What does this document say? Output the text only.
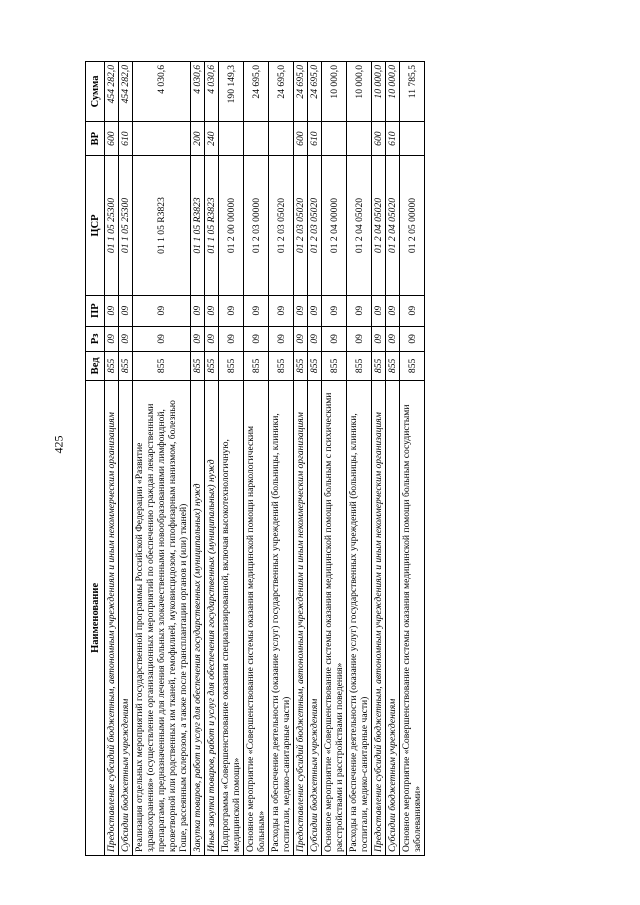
425
Наименование	Вед	Рз	ПР	ЦСР	ВР	Сумма
Предоставление субсидий бюджетным, автономным учреждениям и иным некоммерческим организациям	855	09	09	01 1 05 25300	600	454 282,0
Субсидии бюджетным учреждениям	855	09	09	01 1 05 25300	610	454 282,0
Реализация отдельных мероприятий государственной программы Российской Федерации «Развитие здравоохранения» (осуществление организационных мероприятий по обеспечению граждан лекарственными препаратами, предназначенными для лечения больных злокачественными новообразованиями лимфоидной, кроветворной или родственных им тканей, гемофилией, муковисцидозом, гипофизарным нанизмом, болезнью Гоше, рассеянным склерозом, а также после трансплантации органов и (или) тканей)	855	09	09	01 1 05 R3823		4 030,6
Закупка товаров, работ и услуг для обеспечения государственных (муниципальных) нужд	855	09	09	01 1 05 R3823	200	4 030,6
Иные закупки товаров, работ и услуг для обеспечения государственных (муниципальных) нужд	855	09	09	01 1 05 R3823	240	4 030,6
Подпрограмма «Совершенствование оказания специализированной, включая высокотехнологичную, медицинской помощи»	855	09	09	01 2 00 00000		190 149,3
Основное мероприятие «Совершенствование системы оказания медицинской помощи наркологическим больным»	855	09	09	01 2 03 00000		24 695,0
Расходы на обеспечение деятельности (оказание услуг) государственных учреждений (больницы, клиники, госпитали, медико-санитарные части)	855	09	09	01 2 03 05020		24 695,0
Предоставление субсидий бюджетным, автономным учреждениям и иным некоммерческим организациям	855	09	09	01 2 03 05020	600	24 695,0
Субсидии бюджетным учреждениям	855	09	09	01 2 03 05020	610	24 695,0
Основное мероприятие «Совершенствование системы оказания медицинской помощи больным с психическими расстройствами и расстройствами поведения»	855	09	09	01 2 04 00000		10 000,0
Расходы на обеспечение деятельности (оказание услуг) государственных учреждений (больницы, клиники, госпитали, медико-санитарные части)	855	09	09	01 2 04 05020		10 000,0
Предоставление субсидий бюджетным, автономным учреждениям и иным некоммерческим организациям	855	09	09	01 2 04 05020	600	10 000,0
Субсидии бюджетным учреждениям	855	09	09	01 2 04 05020	610	10 000,0
Основное мероприятие «Совершенствование системы оказания медицинской помощи больным сосудистыми заболеваниями»	855	09	09	01 2 05 00000		11 785,5
